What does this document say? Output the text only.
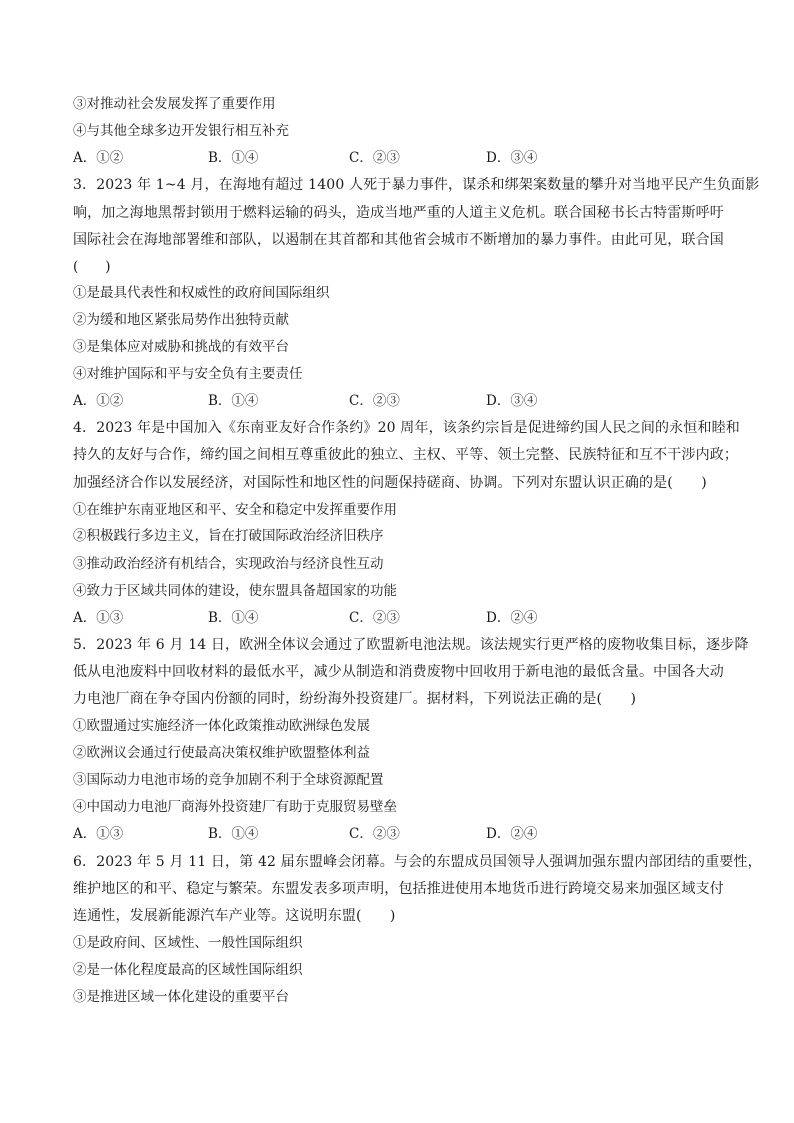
③对推动社会发展发挥了重要作用
④与其他全球多边开发银行相互补充
A．①②	B．①④	C．②③	D．③④
3．2023 年 1~4 月，在海地有超过 1400 人死于暴力事件，谋杀和绑架案数量的攀升对当地平民产生负面影
响，加之海地黑帮封锁用于燃料运输的码头，造成当地严重的人道主义危机。联合国秘书长古特雷斯呼吁
国际社会在海地部署维和部队，以遏制在其首都和其他省会城市不断增加的暴力事件。由此可见，联合国
(　　)
①是最具代表性和权威性的政府间国际组织
②为缓和地区紧张局势作出独特贡献
③是集体应对威胁和挑战的有效平台
④对维护国际和平与安全负有主要责任
A．①②	B．①④	C．②③	D．③④
4．2023 年是中国加入《东南亚友好合作条约》20 周年，该条约宗旨是促进缔约国人民之间的永恒和睦和
持久的友好与合作，缔约国之间相互尊重彼此的独立、主权、平等、领土完整、民族特征和互不干涉内政；
加强经济合作以发展经济，对国际性和地区性的问题保持磋商、协调。下列对东盟认识正确的是(　　)
①在维护东南亚地区和平、安全和稳定中发挥重要作用
②积极践行多边主义，旨在打破国际政治经济旧秩序
③推动政治经济有机结合，实现政治与经济良性互动
④致力于区域共同体的建设，使东盟具备超国家的功能
A．①③	B．①④	C．②③	D．②④
5．2023 年 6 月 14 日，欧洲全体议会通过了欧盟新电池法规。该法规实行更严格的废物收集目标，逐步降
低从电池废料中回收材料的最低水平，减少从制造和消费废物中回收用于新电池的最低含量。中国各大动
力电池厂商在争夺国内份额的同时，纷纷海外投资建厂。据材料，下列说法正确的是(　　)
①欧盟通过实施经济一体化政策推动欧洲绿色发展
②欧洲议会通过行使最高决策权维护欧盟整体利益
③国际动力电池市场的竞争加剧不利于全球资源配置
④中国动力电池厂商海外投资建厂有助于克服贸易壁垒
A．①③	B．①④	C．②③	D．②④
6．2023 年 5 月 11 日，第 42 届东盟峰会闭幕。与会的东盟成员国领导人强调加强东盟内部团结的重要性，
维护地区的和平、稳定与繁荣。东盟发表多项声明，包括推进使用本地货币进行跨境交易来加强区域支付
连通性，发展新能源汽车产业等。这说明东盟(　　)
①是政府间、区域性、一般性国际组织
②是一体化程度最高的区域性国际组织
③是推进区域一体化建设的重要平台
